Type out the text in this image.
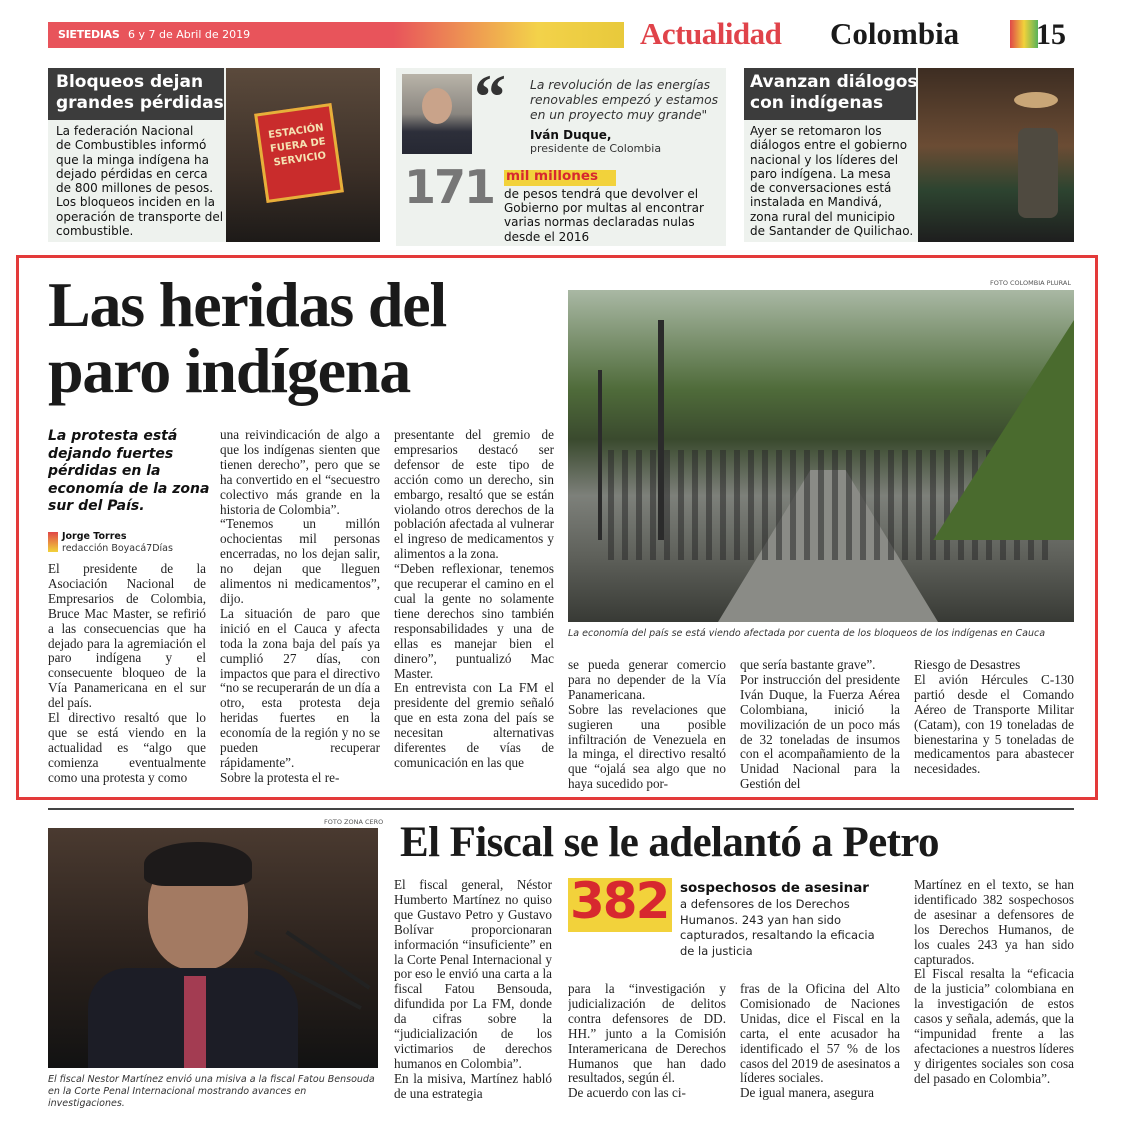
SIETEDIAS 6 y 7 de Abril de 2019	Actualidad Colombia	15
Bloqueos dejan
grandes pérdidas
La federación Nacional
de Combustibles informó
que la minga indígena ha
dejado pérdidas en cerca
de 800 millones de pesos.
Los bloqueos inciden en la
operación de transporte del
combustible.
ESTACIÓN
FUERA DE
SERVICIO
“ La revolución de las energías
renovables empezó y estamos
en un proyecto muy grande"
Iván Duque,
presidente de Colombia
171 mil millones
de pesos tendrá que devolver el
Gobierno por multas al encontrar
varias normas declaradas nulas
desde el 2016
Avanzan diálogos
con indígenas
Ayer se retomaron los
diálogos entre el gobierno
nacional y los líderes del
paro indígena. La mesa
de conversaciones está
instalada en Mandivá,
zona rural del municipio
de Santander de Quilichao.
Las heridas del
paro indígena
La protesta está
dejando fuertes
pérdidas en la
economía de la zona
sur del País.
Jorge Torres
redacción Boyacá7Días
El presidente de la Asociación Nacional de Empresarios de Colombia, Bruce Mac Master, se refirió a las consecuencias que ha dejado para la agremiación el paro indígena y el consecuente bloqueo de la Vía Panamericana en el sur del país.
El directivo resaltó que lo que se está viendo en la actualidad es “algo que comienza eventualmente como una protesta y como
una reivindicación de algo a que los indígenas sienten que tienen derecho”, pero que se ha convertido en el “secuestro colectivo más grande en la historia de Colombia”.
“Tenemos un millón ochocientas mil personas encerradas, no los dejan salir, no dejan que lleguen alimentos ni medicamentos”, dijo.
La situación de paro que inició en el Cauca y afecta toda la zona baja del país ya cumplió 27 días, con impactos que para el directivo “no se recuperarán de un día a otro, esta protesta deja heridas fuertes en la economía de la región y no se pueden recuperar rápidamente”.
Sobre la protesta el re-
presentante del gremio de empresarios destacó ser defensor de este tipo de acción como un derecho, sin embargo, resaltó que se están violando otros derechos de la población afectada al vulnerar el ingreso de medicamentos y alimentos a la zona.
“Deben reflexionar, tenemos que recuperar el camino en el cual la gente no solamente tiene derechos sino también responsabilidades y una de ellas es manejar bien el dinero”, puntualizó Mac Master.
En entrevista con La FM el presidente del gremio señaló que en esta zona del país se necesitan alternativas diferentes de vías de comunicación en las que
FOTO COLOMBIA PLURAL
La economía del país se está viendo afectada por cuenta de los bloqueos de los indígenas en Cauca
se pueda generar comercio para no depender de la Vía Panamericana.
Sobre las revelaciones que sugieren una posible infiltración de Venezuela en la minga, el directivo resaltó que “ojalá sea algo que no haya sucedido por-
que sería bastante grave”.
Por instrucción del presidente Iván Duque, la Fuerza Aérea Colombiana, inició la movilización de un poco más de 32 toneladas de insumos con el acompañamiento de la Unidad Nacional para la Gestión del
Riesgo de Desastres
El avión Hércules C-130 partió desde el Comando Aéreo de Transporte Militar (Catam), con 19 toneladas de bienestarina y 5 toneladas de medicamentos para abastecer necesidades.
FOTO ZONA CERO
El fiscal Nestor Martínez envió una misiva a la fiscal Fatou Bensouda en la Corte Penal Internacional mostrando avances en investigaciones.
El Fiscal se le adelantó a Petro
El fiscal general, Néstor Humberto Martínez no quiso que Gustavo Petro y Gustavo Bolívar proporcionaran información “insuficiente” en la Corte Penal Internacional y por eso le envió una carta a la fiscal Fatou Bensouda, difundida por La FM, donde da cifras sobre la “judicialización de los victimarios de derechos humanos en Colombia”.
En la misiva, Martínez habló de una estrategia
382 sospechosos de asesinar
a defensores de los Derechos Humanos. 243 yan han sido capturados, resaltando la eficacia de la justicia
para la “investigación y judicialización de delitos contra defensores de DD. HH.” junto a la Comisión Interamericana de Derechos Humanos que han dado resultados, según él.
De acuerdo con las ci-
fras de la Oficina del Alto Comisionado de Naciones Unidas, dice el Fiscal en la carta, el ente acusador ha identificado el 57 % de los casos del 2019 de asesinatos a líderes sociales.
De igual manera, asegura
Martínez en el texto, se han identificado 382 sospechosos de asesinar a defensores de los Derechos Humanos, de los cuales 243 ya han sido capturados.
El Fiscal resalta la “eficacia de la justicia” colombiana en la investigación de estos casos y señala, además, que la “impunidad frente a las afectaciones a nuestros líderes y dirigentes sociales son cosa del pasado en Colombia”.
